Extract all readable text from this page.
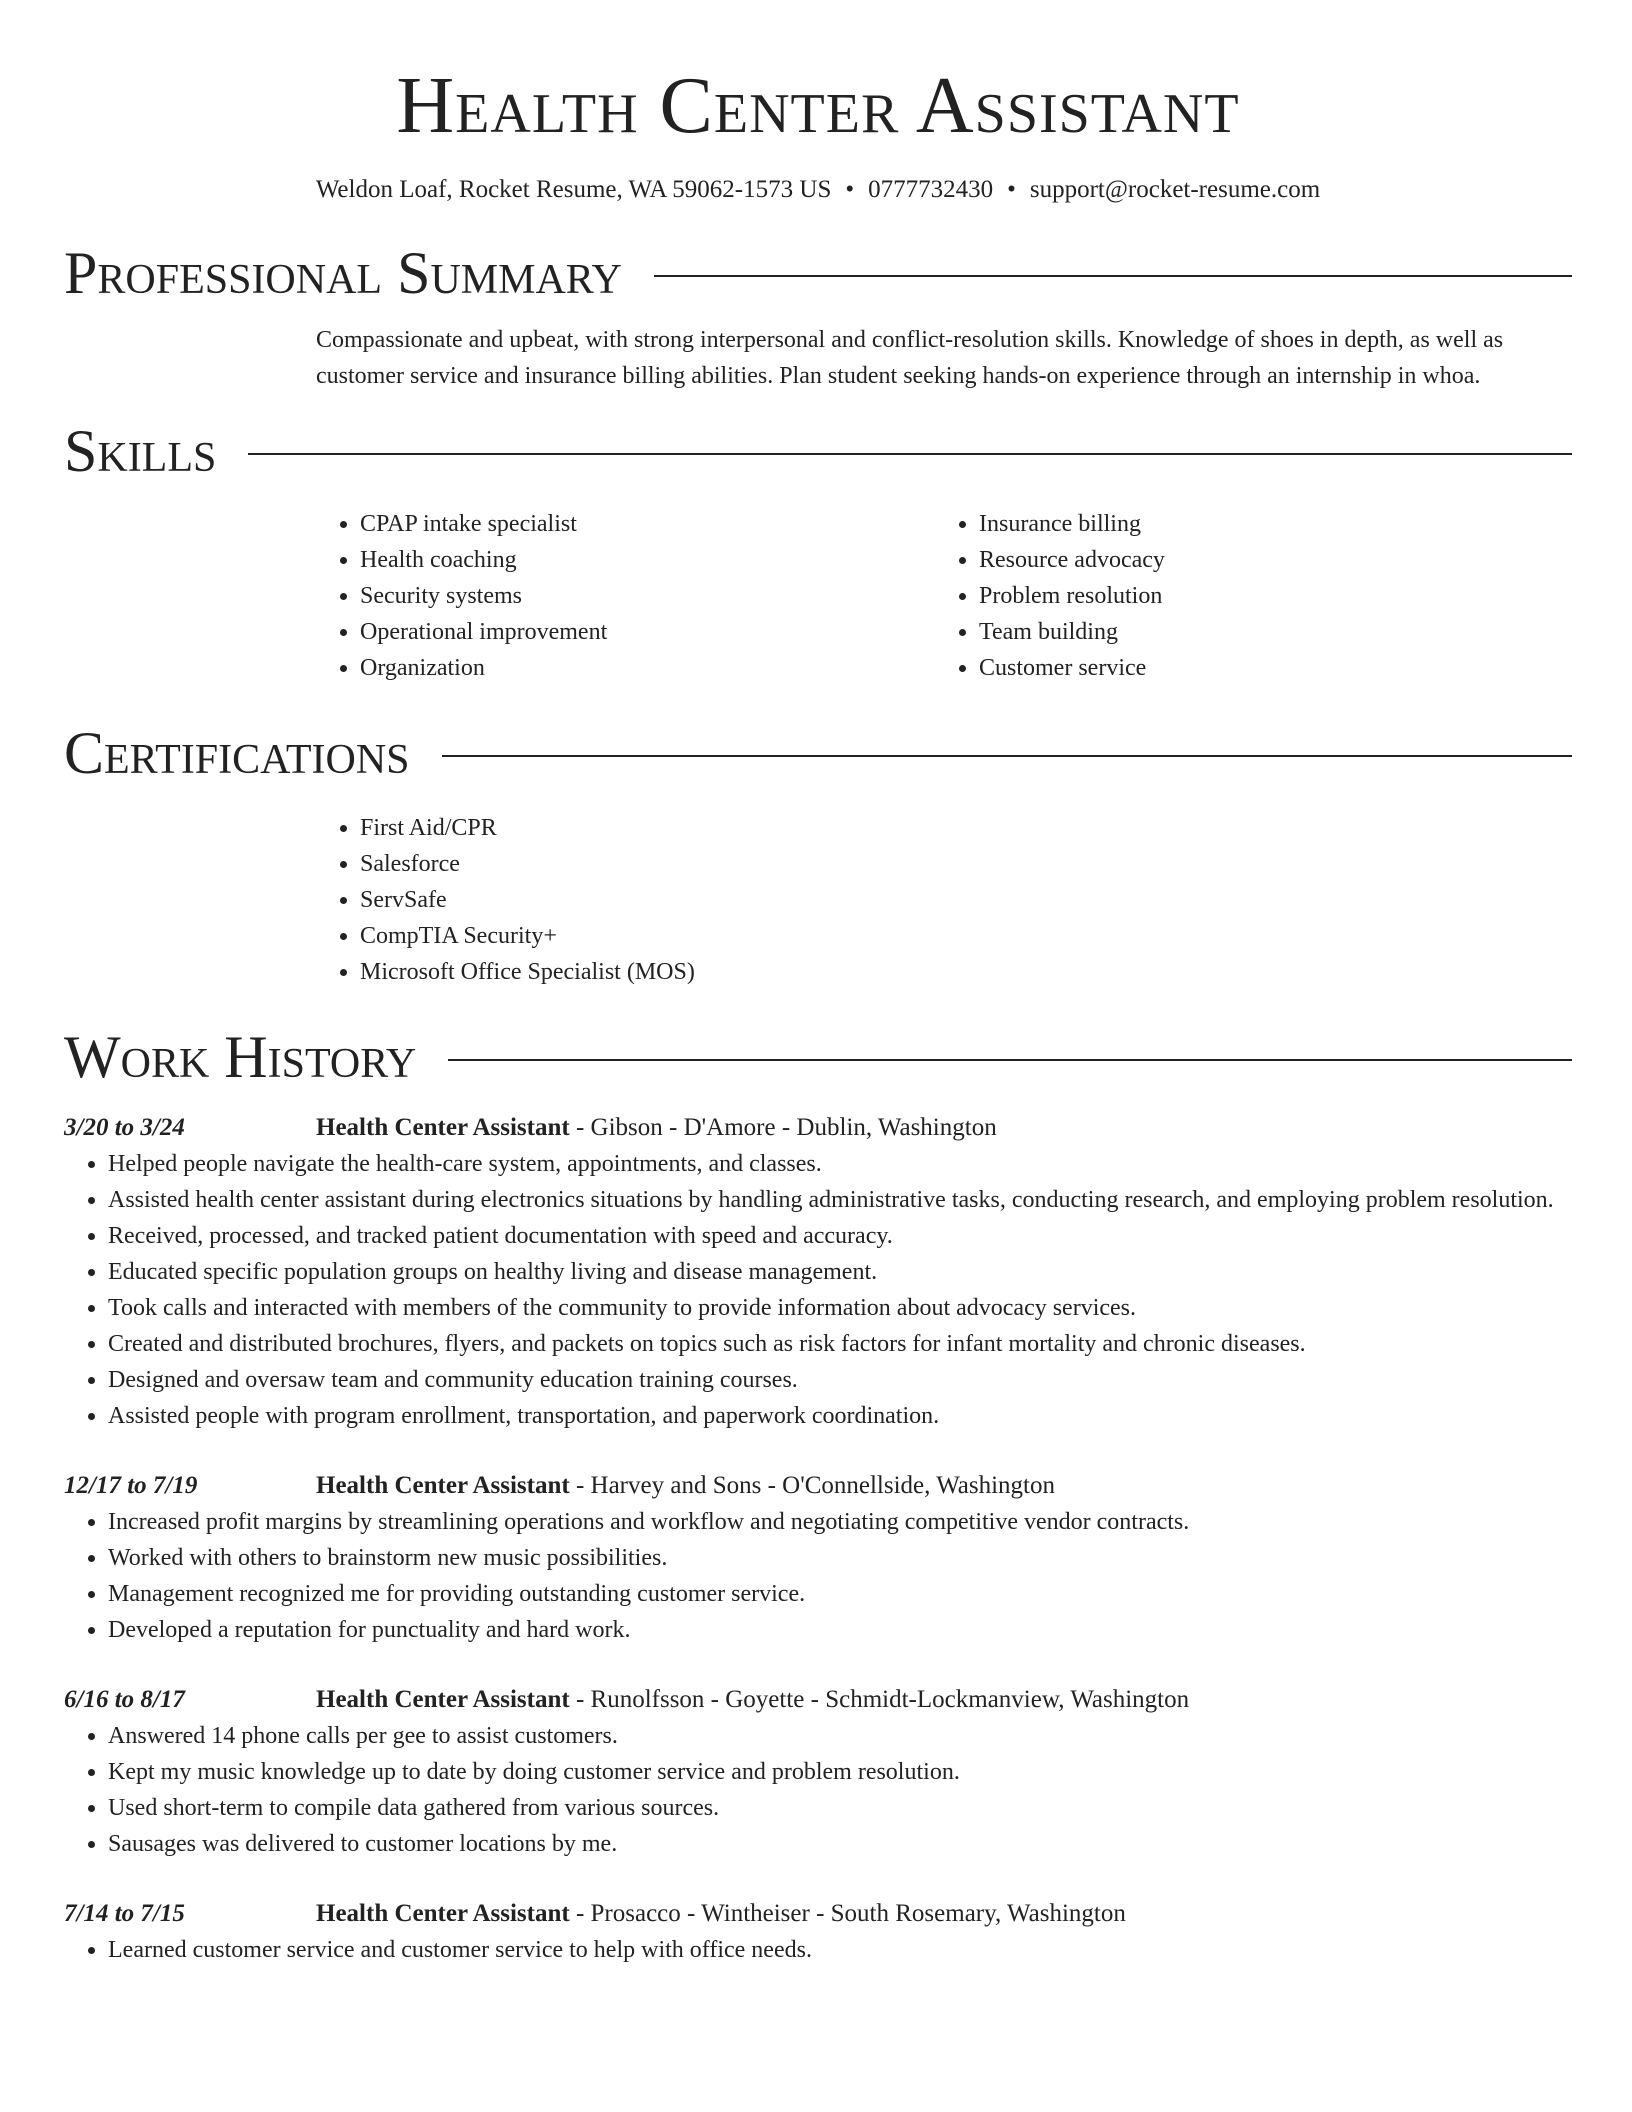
Health Center Assistant
Weldon Loaf, Rocket Resume, WA 59062-1573 US • 0777732430 • support@rocket-resume.com
Professional Summary
Compassionate and upbeat, with strong interpersonal and conflict-resolution skills. Knowledge of shoes in depth, as well as customer service and insurance billing abilities. Plan student seeking hands-on experience through an internship in whoa.
Skills
• CPAP intake specialist
• Health coaching
• Security systems
• Operational improvement
• Organization
• Insurance billing
• Resource advocacy
• Problem resolution
• Team building
• Customer service
Certifications
• First Aid/CPR
• Salesforce
• ServSafe
• CompTIA Security+
• Microsoft Office Specialist (MOS)
Work History
3/20 to 3/24	Health Center Assistant - Gibson - D'Amore - Dublin, Washington
• Helped people navigate the health-care system, appointments, and classes.
• Assisted health center assistant during electronics situations by handling administrative tasks, conducting research, and employing problem resolution.
• Received, processed, and tracked patient documentation with speed and accuracy.
• Educated specific population groups on healthy living and disease management.
• Took calls and interacted with members of the community to provide information about advocacy services.
• Created and distributed brochures, flyers, and packets on topics such as risk factors for infant mortality and chronic diseases.
• Designed and oversaw team and community education training courses.
• Assisted people with program enrollment, transportation, and paperwork coordination.
12/17 to 7/19	Health Center Assistant - Harvey and Sons - O'Connellside, Washington
• Increased profit margins by streamlining operations and workflow and negotiating competitive vendor contracts.
• Worked with others to brainstorm new music possibilities.
• Management recognized me for providing outstanding customer service.
• Developed a reputation for punctuality and hard work.
6/16 to 8/17	Health Center Assistant - Runolfsson - Goyette - Schmidt-Lockmanview, Washington
• Answered 14 phone calls per gee to assist customers.
• Kept my music knowledge up to date by doing customer service and problem resolution.
• Used short-term to compile data gathered from various sources.
• Sausages was delivered to customer locations by me.
7/14 to 7/15	Health Center Assistant - Prosacco - Wintheiser - South Rosemary, Washington
• Learned customer service and customer service to help with office needs.
